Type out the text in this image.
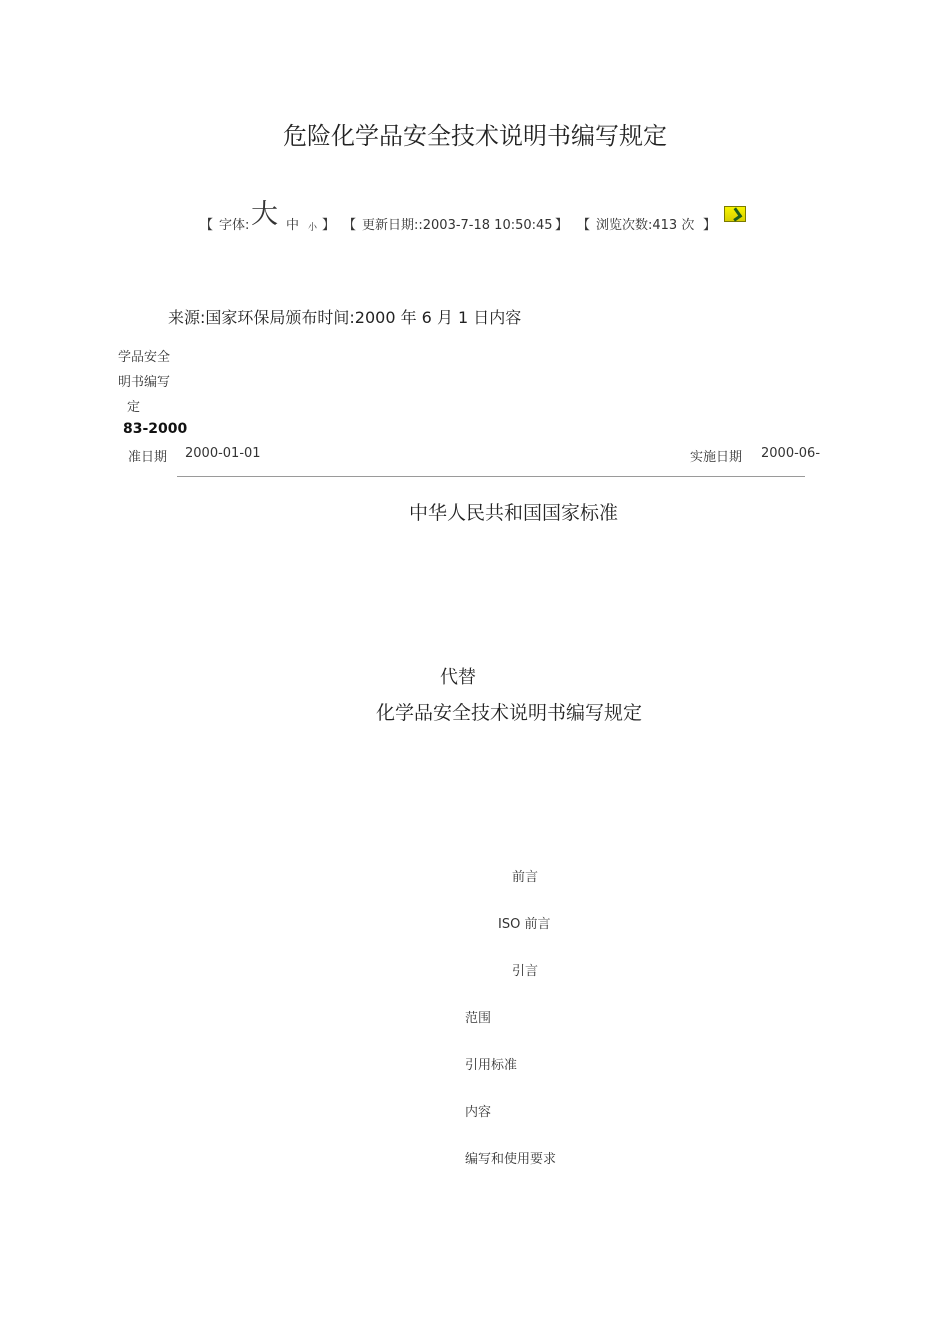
危险化学品安全技术说明书编写规定
【 字体: 大 中 小 】 【 更新日期::2003-7-18 10:50:45 】 【 浏览次数:413 次 】
来源:国家环保局颁布时间:2000 年 6 月 1 日内容
学品安全
明书编写
定
83-2000
准日期 2000-01-01	实施日期 2000-06-
中华人民共和国国家标准
代替
化学品安全技术说明书编写规定
前言
ISO 前言
引言
范围
引用标准
内容
编写和使用要求
